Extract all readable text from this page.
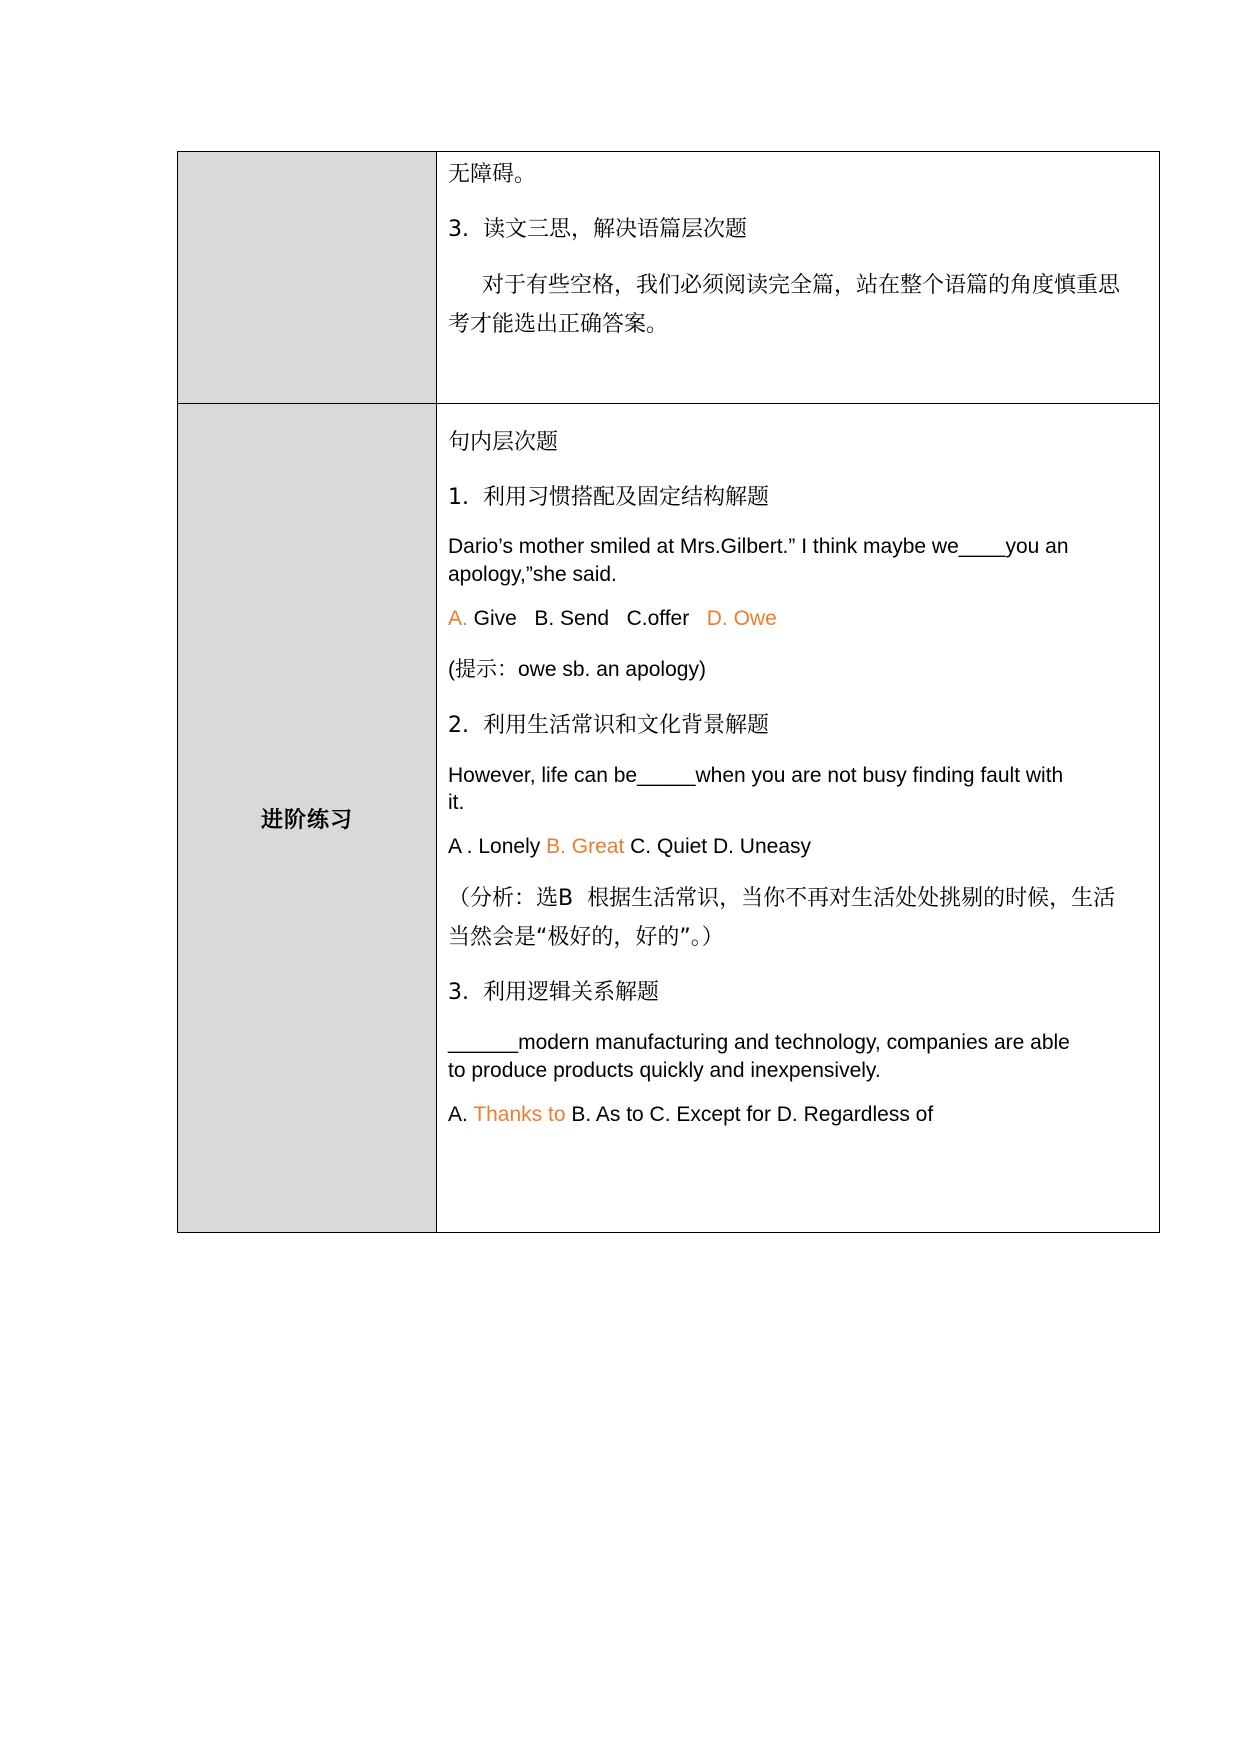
进阶练习
无障碍。
3.  读文三思，解决语篇层次题
对于有些空格，我们必须阅读完全篇，站在整个语篇的角度慎重思
考才能选出正确答案。
句内层次题
1.  利用习惯搭配及固定结构解题
Dario’s mother smiled at Mrs.Gilbert.” I think maybe we____you an
apology,”she said.
A. Give   B. Send   C.offer   D. Owe
(提示：owe sb. an apology)
2.  利用生活常识和文化背景解题
However, life can be_____when you are not busy finding fault with
it.
A . Lonely B. Great C. Quiet D. Uneasy
（分析：选B  根据生活常识，当你不再对生活处处挑剔的时候，生活
当然会是“极好的，好的”。）
3.  利用逻辑关系解题
______modern manufacturing and technology, companies are able
to produce products quickly and inexpensively.
A. Thanks to B. As to C. Except for D. Regardless of
